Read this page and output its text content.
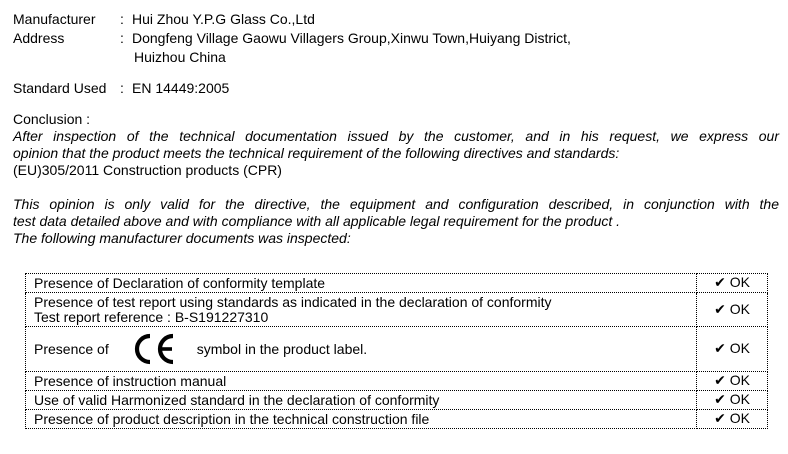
Manufacturer	: Hui Zhou Y.P.G Glass Co.,Ltd
Address	: Dongfeng Village Gaowu Villagers Group,Xinwu Town,Huiyang District,
Huizhou China
Standard Used : EN 14449:2005
Conclusion :
After inspection of the technical documentation issued by the customer, and in his request, we express our
opinion that the product meets the technical requirement of the following directives and standards:
(EU)305/2011 Construction products (CPR)
This opinion is only valid for the directive, the equipment and configuration described, in conjunction with the
test data detailed above and with compliance with all applicable legal requirement for the product .
The following manufacturer documents was inspected:
Presence of Declaration of conformity template	✔ OK

Presence of test report using standards as indicated in the declaration of conformity
Test report reference : B-S191227310	✔ OK

Presence of symbol in the product label.	✔ OK
Presence of instruction manual	✔ OK
Use of valid Harmonized standard in the declaration of conformity	✔ OK
Presence of product description in the technical construction file	✔ OK
